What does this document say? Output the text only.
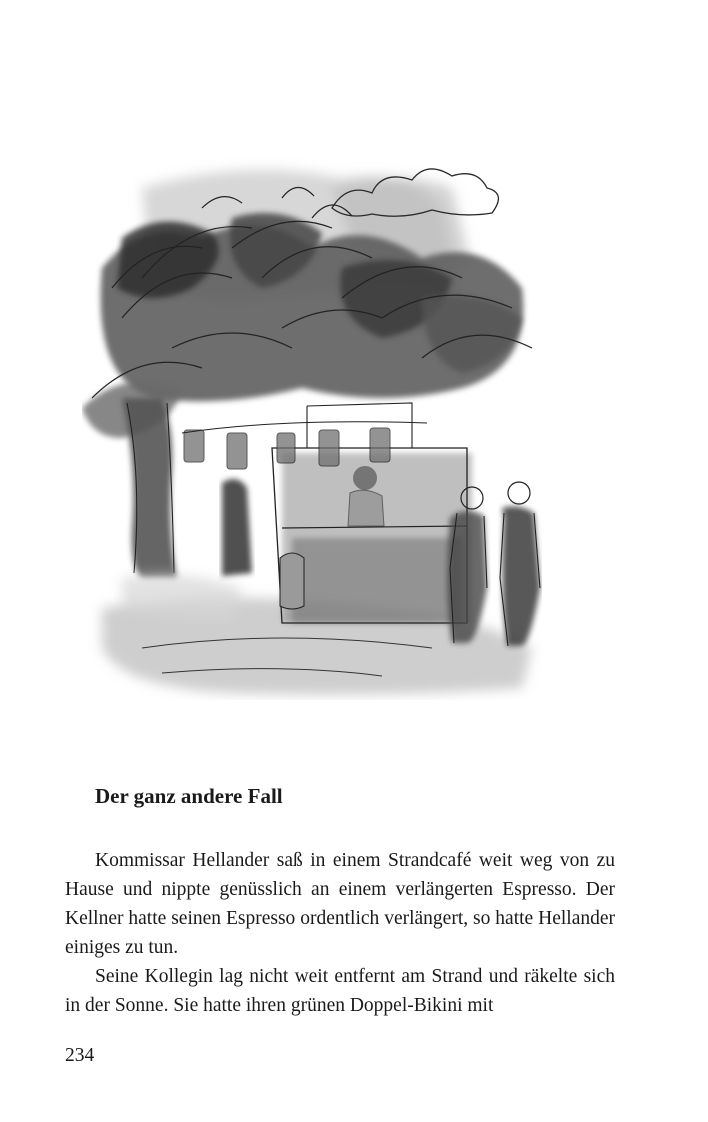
Der ganz andere Fall

Kommissar Hellander saß in einem Strandcafé weit weg von zu Hause und nippte genüsslich an einem verlängerten Espresso. Der Kellner hatte seinen Espresso ordentlich verlängert, so hatte Hellander einiges zu tun.

Seine Kollegin lag nicht weit entfernt am Strand und räkelte sich in der Sonne. Sie hatte ihren grünen Doppel-Bikini mit

234
